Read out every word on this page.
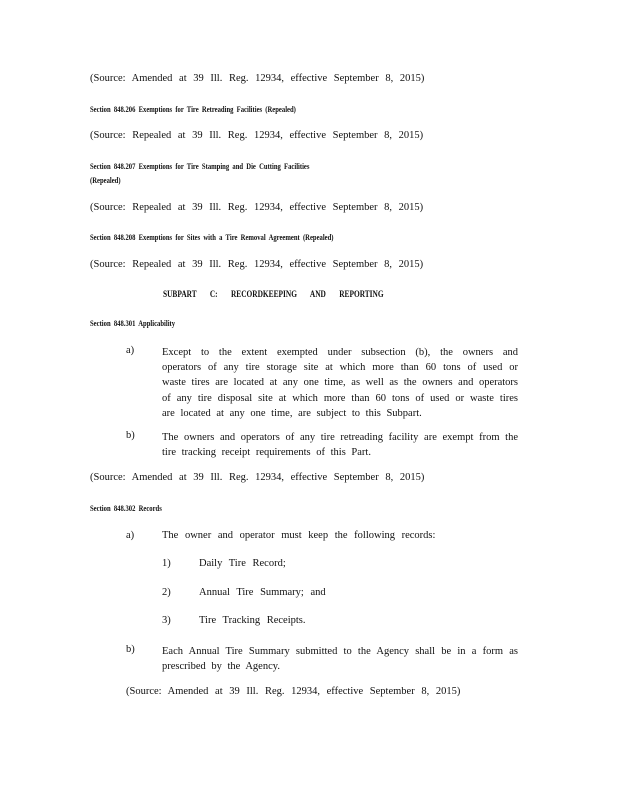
(Source: Amended at 39 Ill. Reg. 12934, effective September 8, 2015)
Section 848.206 Exemptions for Tire Retreading Facilities (Repealed)
(Source: Repealed at 39 Ill. Reg. 12934, effective September 8, 2015)
Section 848.207 Exemptions for Tire Stamping and Die Cutting Facilities
(Repealed)
(Source: Repealed at 39 Ill. Reg. 12934, effective September 8, 2015)
Section 848.208 Exemptions for Sites with a Tire Removal Agreement (Repealed)
(Source: Repealed at 39 Ill. Reg. 12934, effective September 8, 2015)
SUBPART C: RECORDKEEPING AND REPORTING
Section 848.301 Applicability
a)	Except to the extent exempted under subsection (b), the owners and operators of any tire storage site at which more than 60 tons of used or waste tires are located at any one time, as well as the owners and operators of any tire disposal site at which more than 60 tons of used or waste tires are located at any one time, are subject to this Subpart.
b)	The owners and operators of any tire retreading facility are exempt from the tire tracking receipt requirements of this Part.
(Source: Amended at 39 Ill. Reg. 12934, effective September 8, 2015)
Section 848.302 Records
a)	The owner and operator must keep the following records:
1)	Daily Tire Record;
2)	Annual Tire Summary; and
3)	Tire Tracking Receipts.
b)	Each Annual Tire Summary submitted to the Agency shall be in a form as prescribed by the Agency.
(Source: Amended at 39 Ill. Reg. 12934, effective September 8, 2015)
